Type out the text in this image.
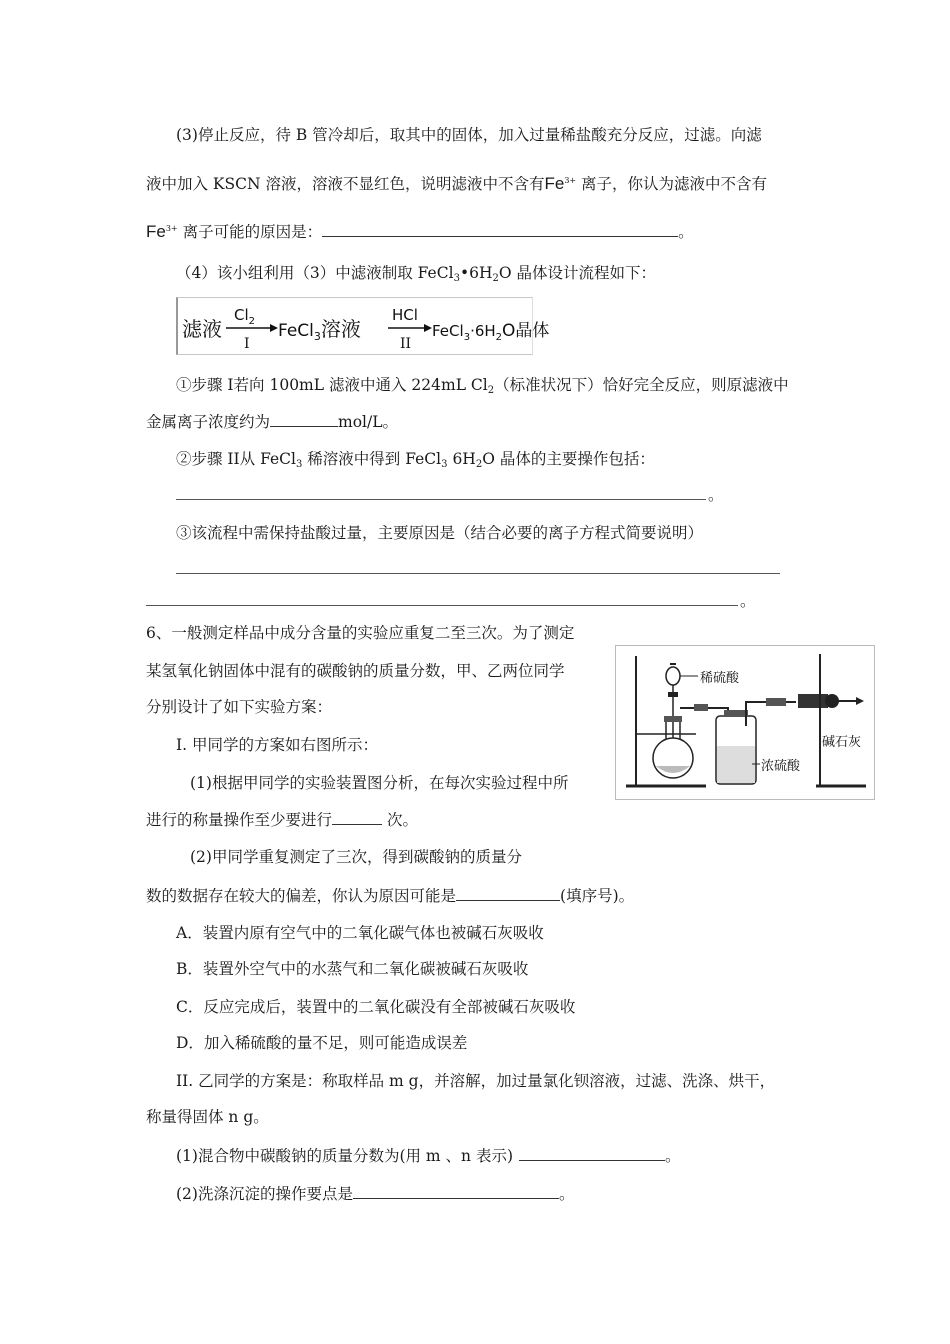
(3)停止反应，待 B 管冷却后，取其中的固体，加入过量稀盐酸充分反应，过滤。向滤
液中加入 KSCN 溶液，溶液不显红色，说明滤液中不含有$Fe^{3+}$ 离子，你认为滤液中不含有
$Fe^{3+}$ 离子可能的原因是：	。
（4）该小组利用（3）中滤液制取 $FeCl_3•6H_2O$ 晶体设计流程如下：
滤液
$Cl_2$
I
FeCl$_3$溶液
HCl
II
$FeCl_3\cdot 6H_2O$晶体
①步骤 I若向 100mL 滤液中通入 224mL $Cl_2$（标准状况下）恰好完全反应，则原滤液中
金属离子浓度约为	mol/L。
②步骤 II从 FeCl$_3$ 稀溶液中得到 FeCl$_3$ $6H_2O$ 晶体的主要操作包括：
。
③该流程中需保持盐酸过量，主要原因是（结合必要的离子方程式简要说明）
。
6、一般测定样品中成分含量的实验应重复二至三次。为了测定
某氢氧化钠固体中混有的碳酸钠的质量分数，甲、乙两位同学
分别设计了如下实验方案：
I. 甲同学的方案如右图所示：
(1)根据甲同学的实验装置图分析，在每次实验过程中所
进行的称量操作至少要进行	次。
(2)甲同学重复测定了三次，得到碳酸钠的质量分
数的数据存在较大的偏差，你认为原因可能是	(填序号)。
A．装置内原有空气中的二氧化碳气体也被碱石灰吸收
B．装置外空气中的水蒸气和二氧化碳被碱石灰吸收
C．反应完成后，装置中的二氧化碳没有全部被碱石灰吸收
D．加入稀硫酸的量不足，则可能造成误差
II. 乙同学的方案是：称取样品 m g，并溶解，加过量氯化钡溶液，过滤、洗涤、烘干，
称量得固体 n g。
(1)混合物中碳酸钠的质量分数为(用 m 、n 表示)	。
(2)洗涤沉淀的操作要点是	。
稀硫酸
碱石灰
浓硫酸
